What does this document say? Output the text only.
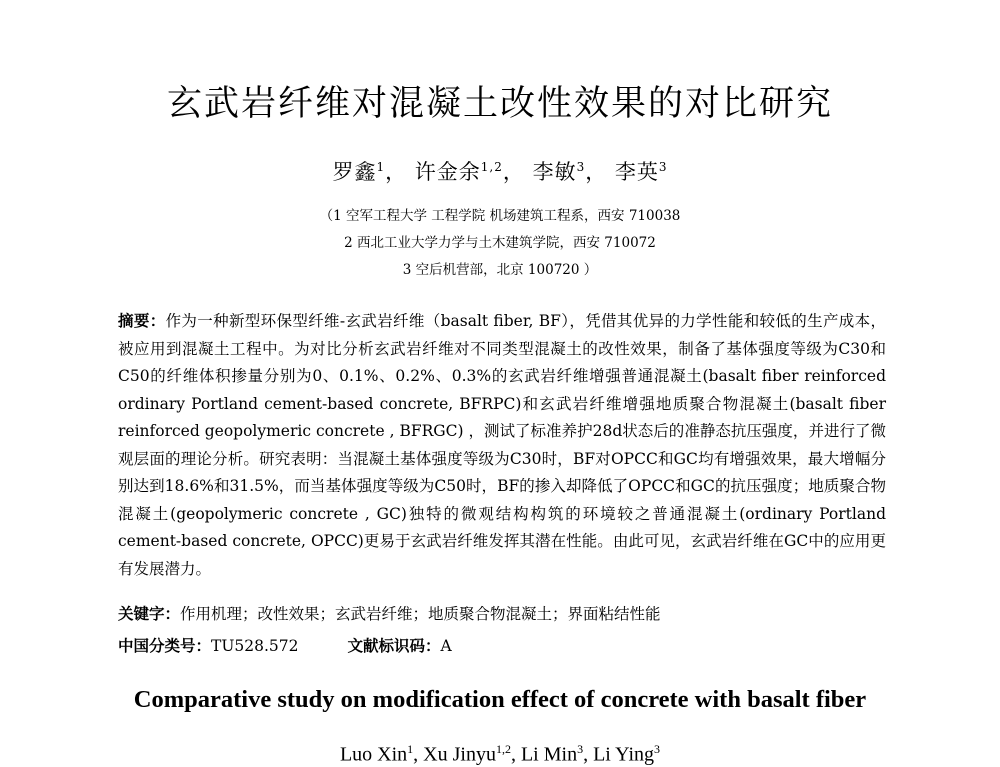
玄武岩纤维对混凝土改性效果的对比研究
罗鑫$^1$， 许金余$^{1,2}$， 李敏$^3$， 李英$^3$
（1 空军工程大学 工程学院 机场建筑工程系，西安 710038
2 西北工业大学力学与土木建筑学院，西安 710072
3 空后机营部，北京 100720 ）
摘要：作为一种新型环保型纤维-玄武岩纤维（basalt fiber, BF），凭借其优异的力学性能和较低的生产成本，被应用到混凝土工程中。为对比分析玄武岩纤维对不同类型混凝土的改性效果，制备了基体强度等级为C30和C50的纤维体积掺量分别为0、0.1%、0.2%、0.3%的玄武岩纤维增强普通混凝土(basalt fiber reinforced ordinary Portland cement-based concrete, BFRPC)和玄武岩纤维增强地质聚合物混凝土(basalt fiber reinforced geopolymeric concrete , BFRGC) ，测试了标准养护28d状态后的准静态抗压强度，并进行了微观层面的理论分析。研究表明：当混凝土基体强度等级为C30时，BF对OPCC和GC均有增强效果，最大增幅分别达到18.6%和31.5%，而当基体强度等级为C50时，BF的掺入却降低了OPCC和GC的抗压强度；地质聚合物混凝土(geopolymeric concrete , GC)独特的微观结构构筑的环境较之普通混凝土(ordinary Portland cement-based concrete, OPCC)更易于玄武岩纤维发挥其潜在性能。由此可见，玄武岩纤维在GC中的应用更有发展潜力。
关键字：作用机理；改性效果；玄武岩纤维；地质聚合物混凝土；界面粘结性能
中国分类号：TU528.572	文献标识码：A
Comparative study on modification effect of concrete with basalt fiber
Luo Xin$^1$, Xu Jinyu$^{1,2}$, Li Min$^3$, Li Ying$^3$
